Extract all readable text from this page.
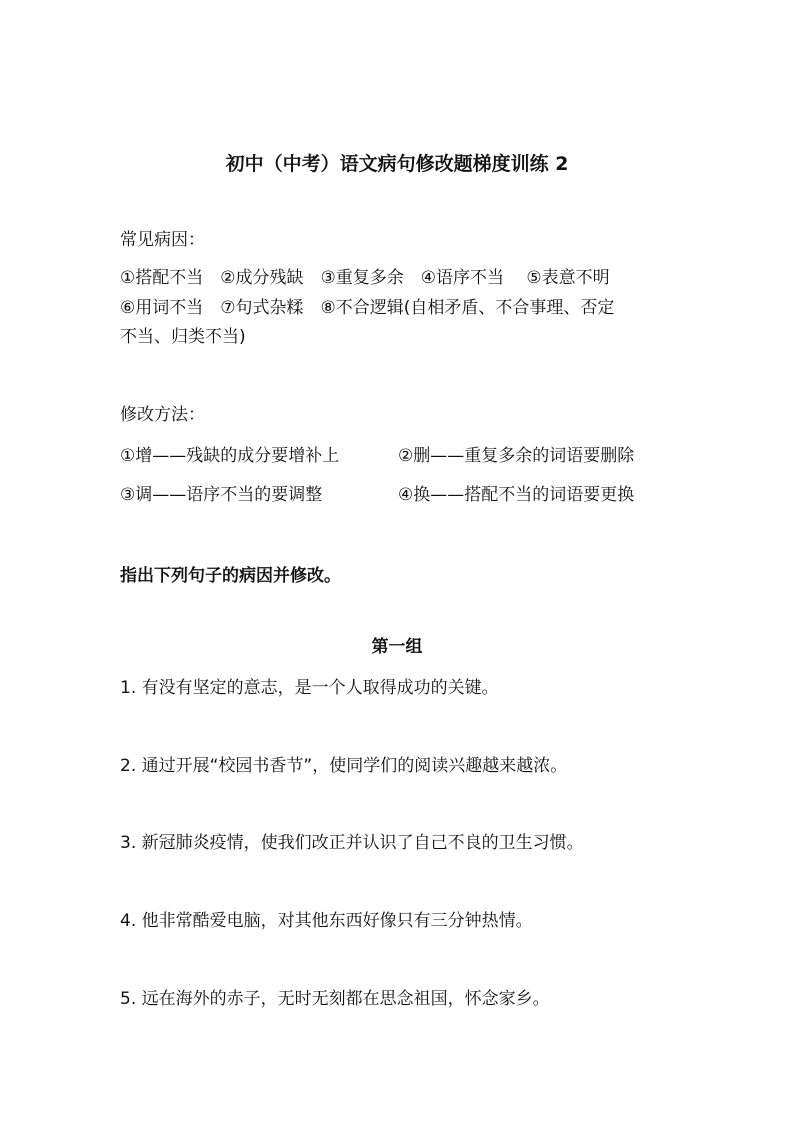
初中（中考）语文病句修改题梯度训练 2
常见病因：
①搭配不当　②成分残缺　③重复多余　④语序不当　 ⑤表意不明
⑥用词不当　⑦句式杂糅　⑧不合逻辑(自相矛盾、不合事理、否定
不当、归类不当)
修改方法：
①增——残缺的成分要增补上	②删——重复多余的词语要删除
③调——语序不当的要调整	④换——搭配不当的词语要更换
指出下列句子的病因并修改。
第一组
1. 有没有坚定的意志，是一个人取得成功的关键。
2. 通过开展“校园书香节”，使同学们的阅读兴趣越来越浓。
3. 新冠肺炎疫情，使我们改正并认识了自己不良的卫生习惯。
4. 他非常酷爱电脑，对其他东西好像只有三分钟热情。
5. 远在海外的赤子，无时无刻都在思念祖国，怀念家乡。
